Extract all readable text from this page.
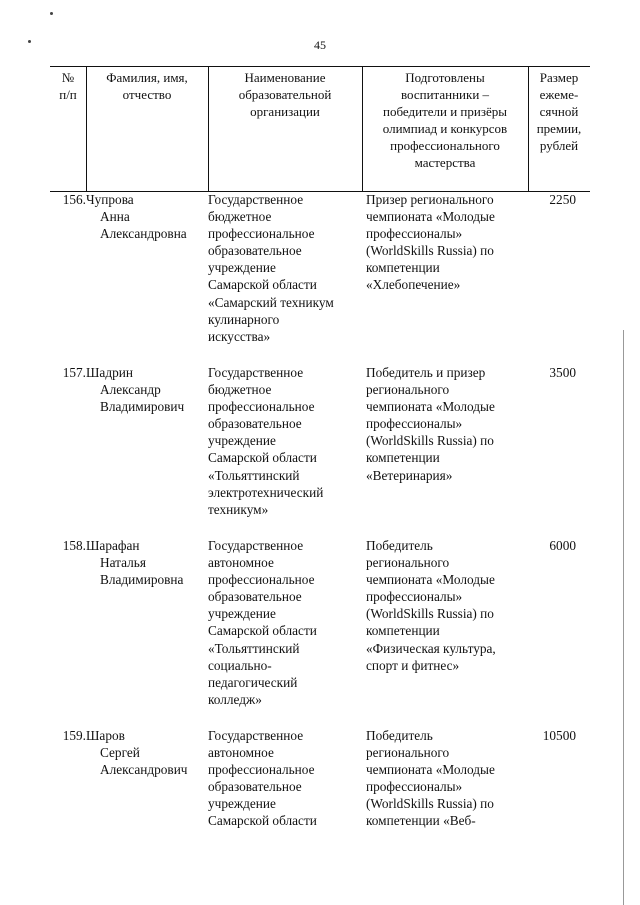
45
№
п/п
Фамилия, имя,
отчество
Наименование
образовательной
организации
Подготовлены
воспитанники –
победители и призёры
олимпиад и конкурсов
профессионального
мастерства
Размер
ежеме-
сячной
премии,
рублей
156. Чупрова
Анна
Александровна
Государственное
бюджетное
профессиональное
образовательное
учреждение
Самарской области
«Самарский техникум
кулинарного
искусства»
Призер регионального
чемпионата «Молодые
профессионалы»
(WorldSkills Russia) по
компетенции
«Хлебопечение»
2250
157. Шадрин
Александр
Владимирович
Государственное
бюджетное
профессиональное
образовательное
учреждение
Самарской области
«Тольяттинский
электротехнический
техникум»
Победитель и призер
регионального
чемпионата «Молодые
профессионалы»
(WorldSkills Russia) по
компетенции
«Ветеринария»
3500
158. Шарафан
Наталья
Владимировна
Государственное
автономное
профессиональное
образовательное
учреждение
Самарской области
«Тольяттинский
социально-
педагогический
колледж»
Победитель
регионального
чемпионата «Молодые
профессионалы»
(WorldSkills Russia) по
компетенции
«Физическая культура,
спорт и фитнес»
6000
159. Шаров
Сергей
Александрович
Государственное
автономное
профессиональное
образовательное
учреждение
Самарской области
Победитель
регионального
чемпионата «Молодые
профессионалы»
(WorldSkills Russia) по
компетенции «Веб-
10500
